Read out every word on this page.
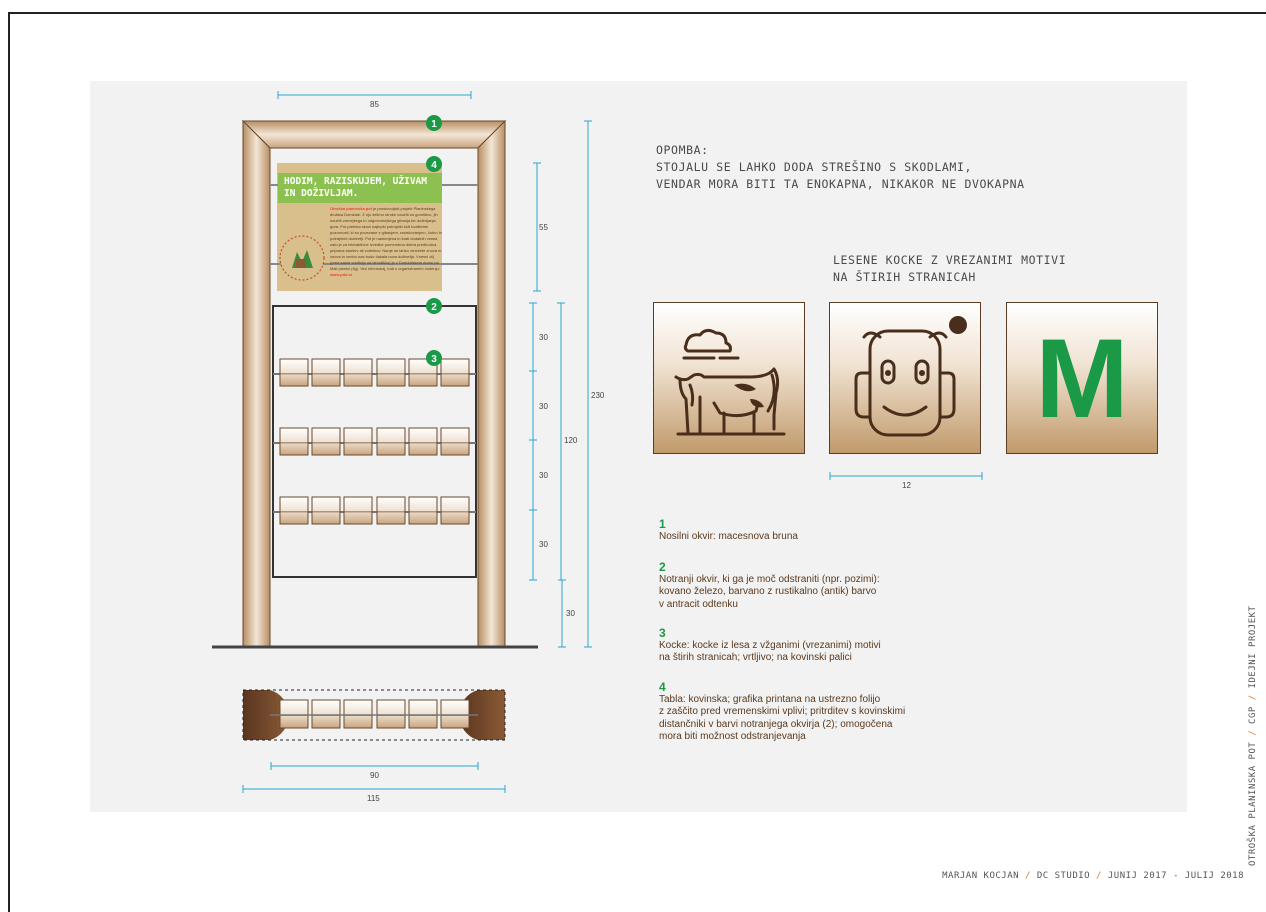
1
4
2
3
HODIM, RAZISKUJEM, UŽIVAM IN DOŽIVLJAM.
Otroška planinska pot je prostovoljski projekt Planinskega društva Domžale. Z njo želimo otroke naučiti za gorništvo, jih naučiti varnejšega in odgovornejšega gibanja ter doživljanja gora. Pot preteka skozi najlepši potrajniki tudi kvalitetne pozornosti, ki so povezane z gibanjem, raziskovanjem, čutno in potrajnimi doživetji. Pot je namenjena in krati dodatnih vsrsst, zato je za interaktivne izvedbe pomembna dobra predhodna priprava staršev ali vodnikov. Nanje se lahko vrnežete znova in znova in vedno nas bodo čakala nova doživetja. Vnesni cilj (pred same vrstitvijo na izhodišču) je v Domžalskem domu na Mali planini (Ilg). Več informacij, tudi o organiziranem vodenju: www.pdd.si
85
55
30
30
30
30
30
120
230
90
115
12
OPOMBA:
STOJALU SE LAHKO DODA STREŠINO S SKODLAMI,
VENDAR MORA BITI TA ENOKAPNA, NIKAKOR NE DVOKAPNA
LESENE KOCKE Z VREZANIMI MOTIVI
NA ŠTIRIH STRANICAH
M
1
Nosilni okvir: macesnova bruna
2
Notranji okvir, ki ga je moč odstraniti (npr. pozimi):
kovano železo, barvano z rustikalno (antik) barvo
v antracit odtenku
3
Kocke: kocke iz lesa z vžganimi (vrezanimi) motivi
na štirih stranicah; vrtljivo; na kovinski palici
4
Tabla: kovinska; grafika printana na ustrezno folijo
z zaščito pred vremenskimi vplivi; pritrditev s kovinskimi
distančniki v barvi notranjega okvirja (2); omogočena
mora biti možnost odstranjevanja
MARJAN KOCJAN / DC STUDIO / JUNIJ 2017 - JULIJ 2018
OTROŠKA PLANINSKA POT / CGP / IDEJNI PROJEKT
